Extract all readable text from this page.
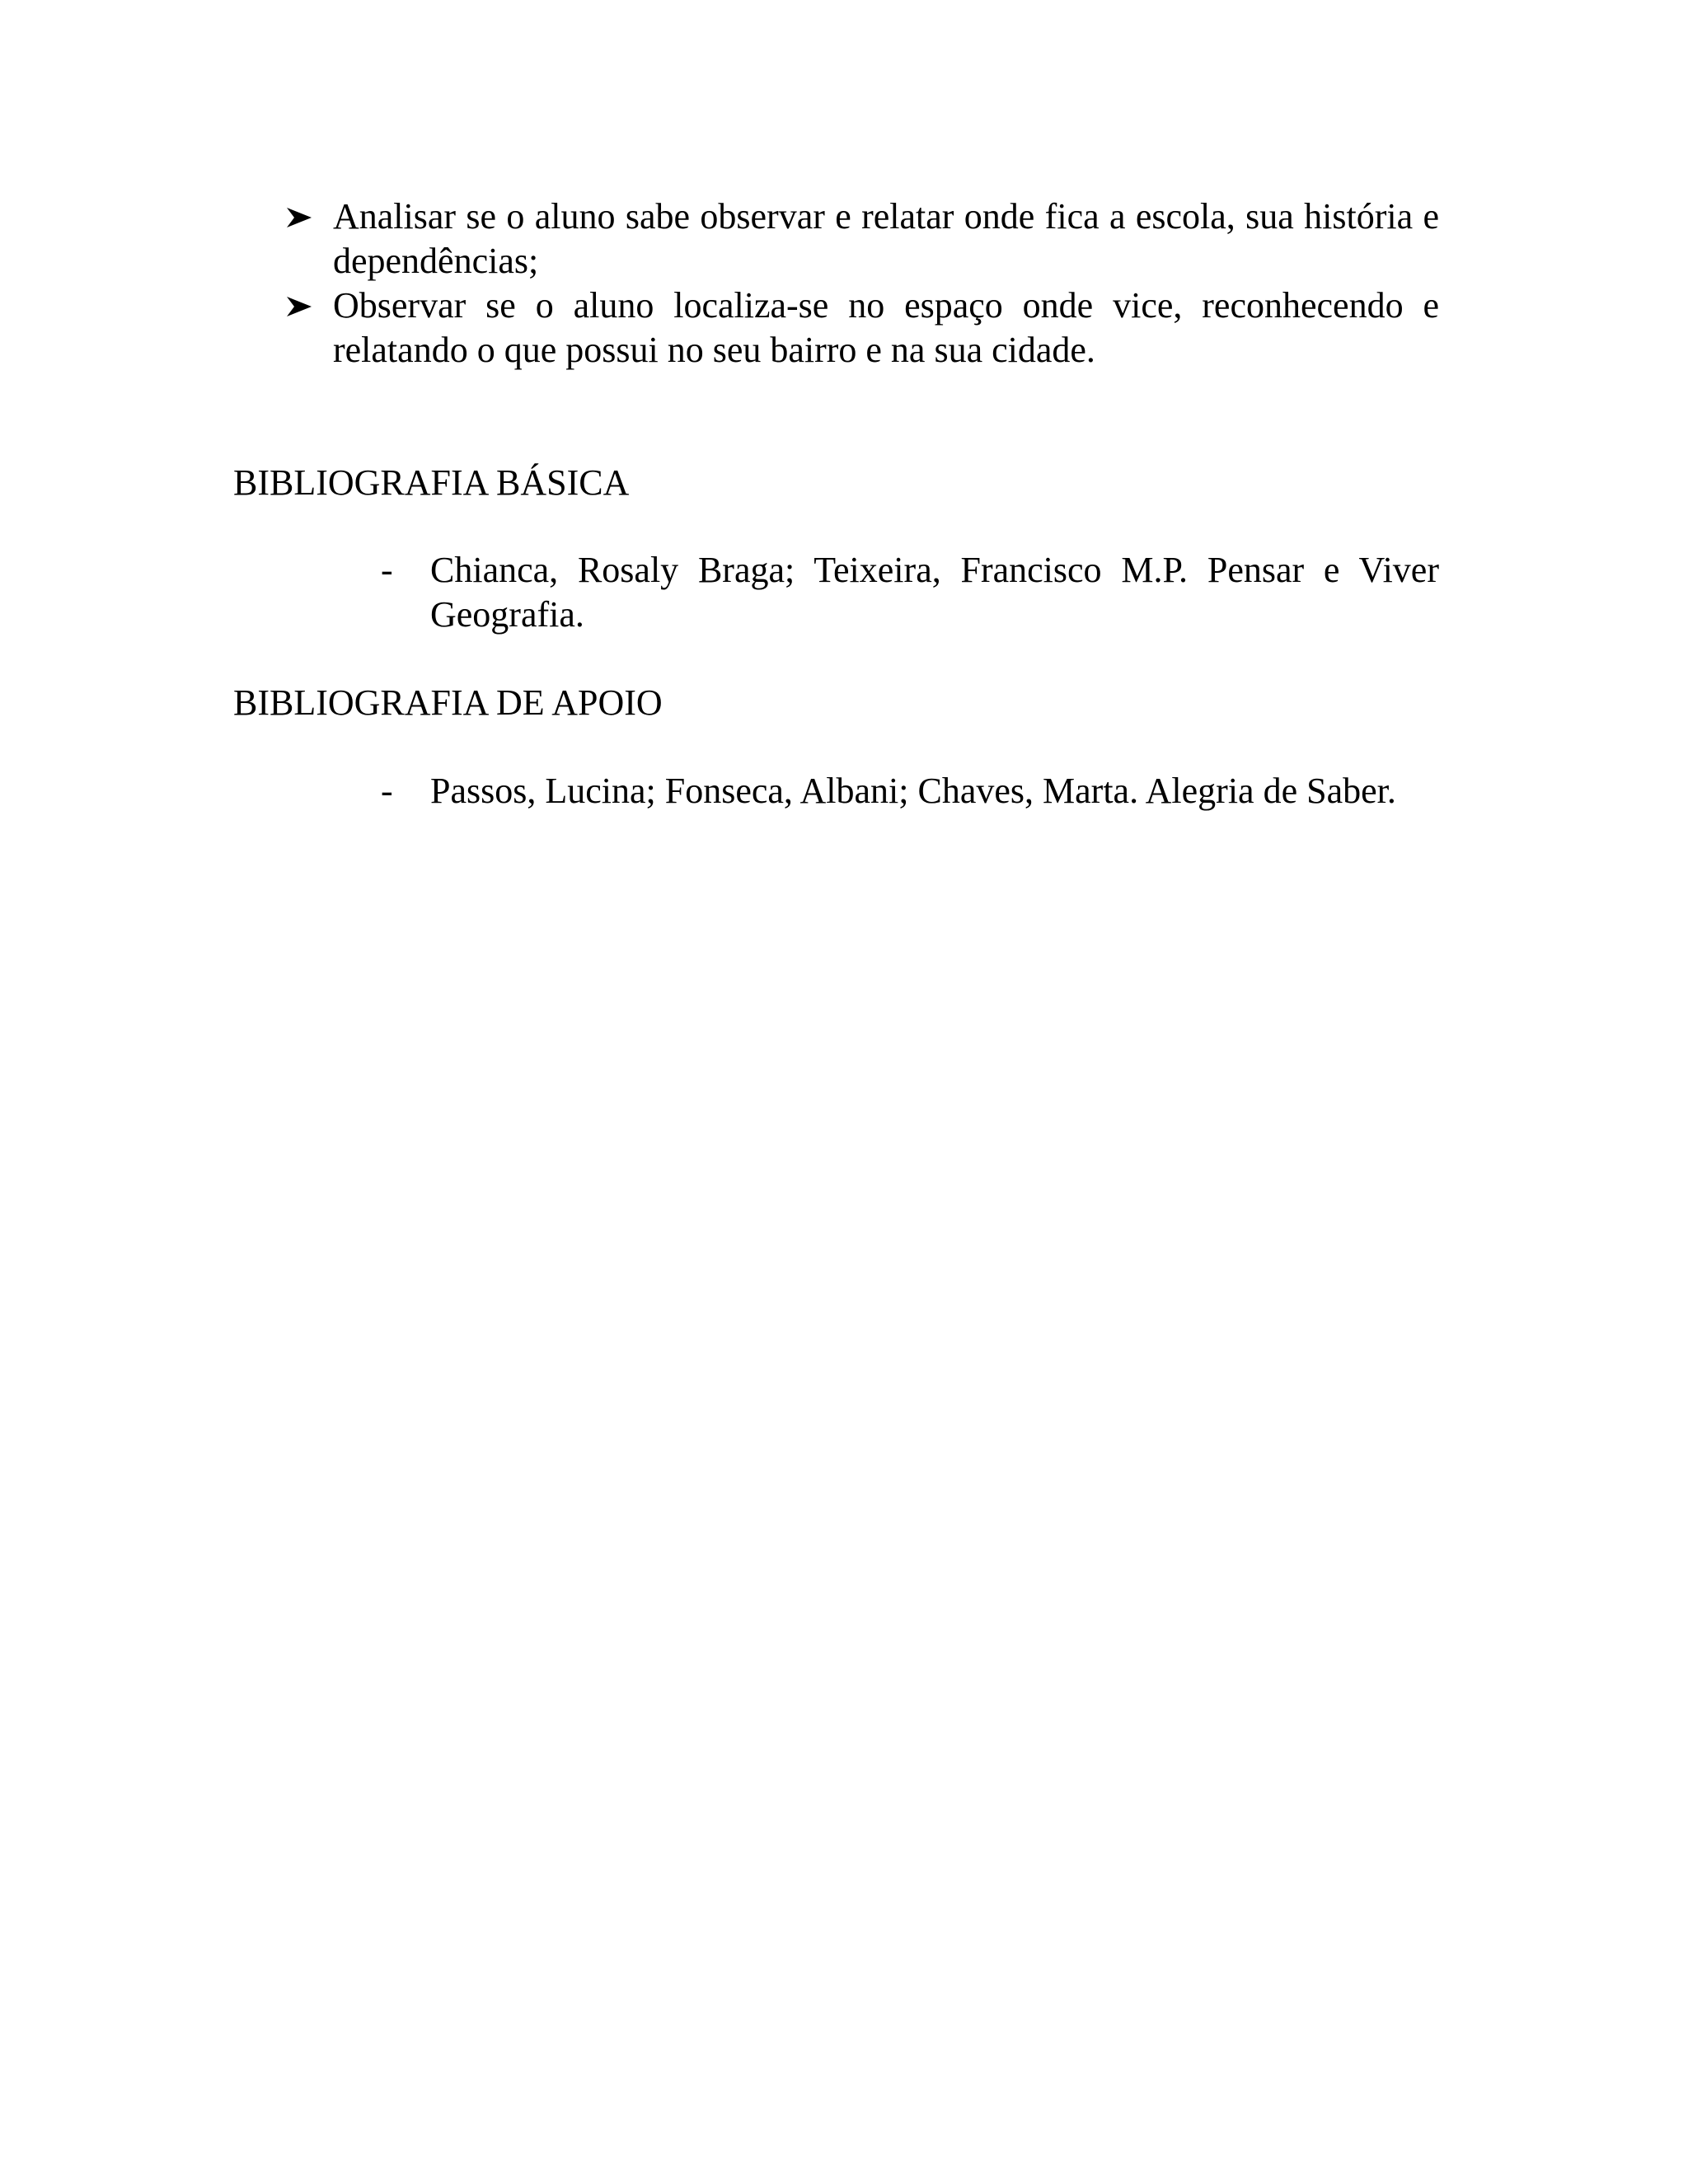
Analisar se o aluno sabe observar e relatar onde fica a escola, sua história e dependências;
Observar se o aluno localiza-se no espaço onde vice, reconhecendo e relatando o que possui no seu bairro e na sua cidade.
BIBLIOGRAFIA BÁSICA
- Chianca, Rosaly Braga; Teixeira, Francisco M.P. Pensar e Viver Geografia.
BIBLIOGRAFIA DE APOIO
- Passos, Lucina; Fonseca, Albani; Chaves, Marta. Alegria de Saber.
